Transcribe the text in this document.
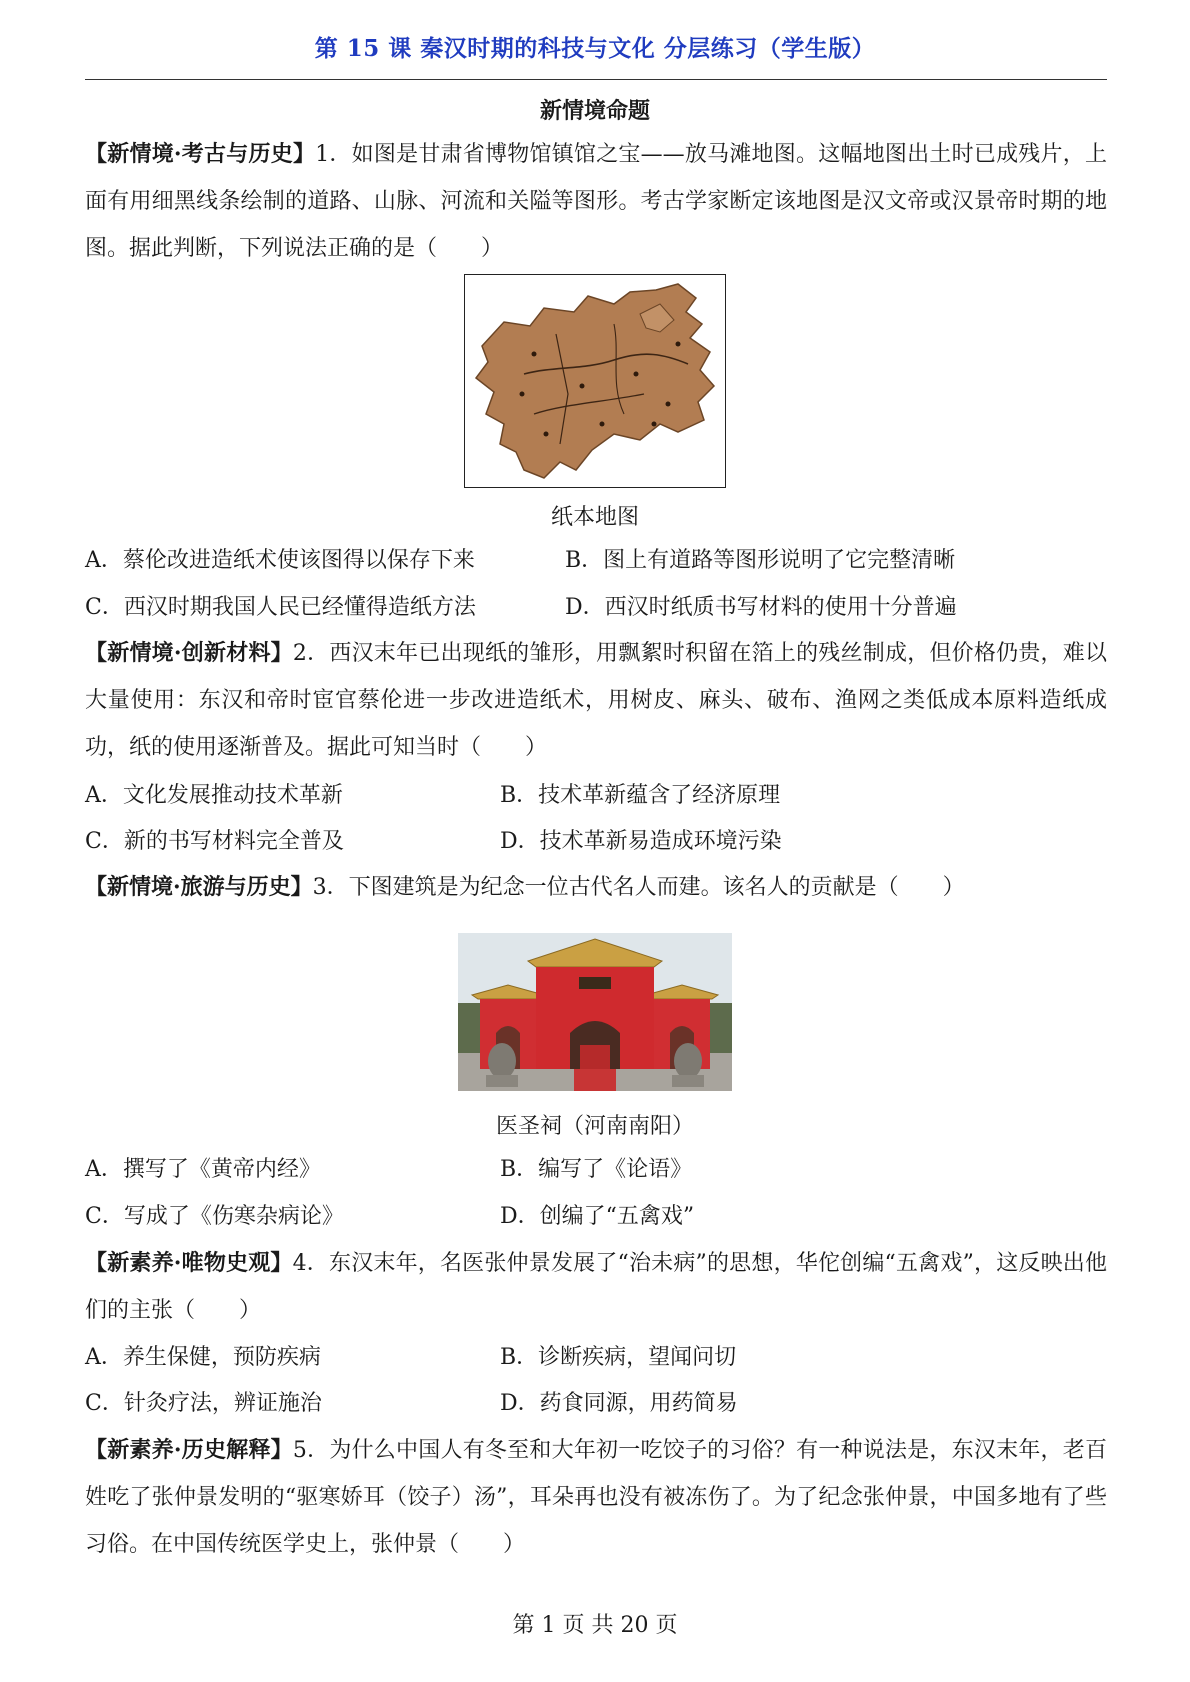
第 15 课 秦汉时期的科技与文化 分层练习（学生版）
新情境命题
【新情境·考古与历史】1．如图是甘肃省博物馆镇馆之宝——放马滩地图。这幅地图出土时已成残片，上面有用细黑线条绘制的道路、山脉、河流和关隘等图形。考古学家断定该地图是汉文帝或汉景帝时期的地图。据此判断，下列说法正确的是（　　）
纸本地图
A．蔡伦改进造纸术使该图得以保存下来	B．图上有道路等图形说明了它完整清晰
C．西汉时期我国人民已经懂得造纸方法	D．西汉时纸质书写材料的使用十分普遍
【新情境·创新材料】2．西汉末年已出现纸的雏形，用飘絮时积留在箔上的残丝制成，但价格仍贵，难以大量使用：东汉和帝时宦官蔡伦进一步改进造纸术，用树皮、麻头、破布、渔网之类低成本原料造纸成功，纸的使用逐渐普及。据此可知当时（　　）
A．文化发展推动技术革新	B．技术革新蕴含了经济原理
C．新的书写材料完全普及	D．技术革新易造成环境污染
【新情境·旅游与历史】3．下图建筑是为纪念一位古代名人而建。该名人的贡献是（　　）
医圣祠（河南南阳）
A．撰写了《黄帝内经》	B．编写了《论语》
C．写成了《伤寒杂病论》	D．创编了“五禽戏”
【新素养·唯物史观】4．东汉末年，名医张仲景发展了“治未病”的思想，华佗创编“五禽戏”，这反映出他们的主张（　　）
A．养生保健，预防疾病	B．诊断疾病，望闻问切
C．针灸疗法，辨证施治	D．药食同源，用药简易
【新素养·历史解释】5．为什么中国人有冬至和大年初一吃饺子的习俗？有一种说法是，东汉末年，老百姓吃了张仲景发明的“驱寒娇耳（饺子）汤”，耳朵再也没有被冻伤了。为了纪念张仲景，中国多地有了些习俗。在中国传统医学史上，张仲景（　　）
第 1 页 共 20 页
